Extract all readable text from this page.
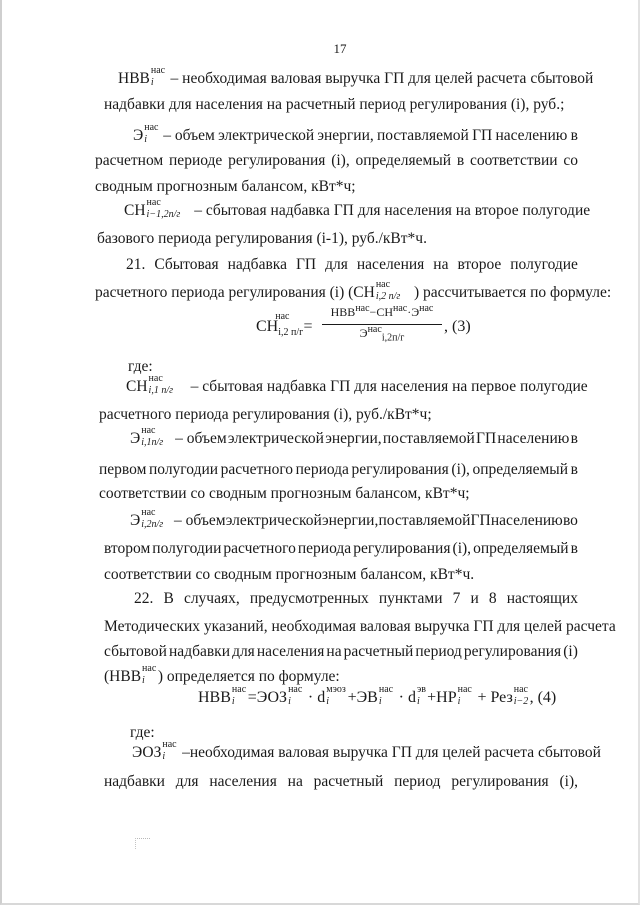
17
НВВ нас
i – необходимая валовая выручка ГП для целей расчета сбытовой
надбавки для населения на расчетный период регулирования (i), руб.;
Э нас
i – объем электрической энергии, поставляемой ГП населению в
расчетном периоде регулирования (i), определяемый в соответствии со
сводным прогнозным балансом, кВт*ч;
СН нас
i−1,2п/г – сбытовая надбавка ГП для населения на второе полугодие
базового периода регулирования (i-1), руб./кВт*ч.
21. Сбытовая надбавка ГП для населения на второе полугодие
расчетного периода регулирования (i) (СН нас
i,2 п/г ) рассчитывается по формуле:
где:
СН нас
i,1 п/г – сбытовая надбавка ГП для населения на первое полугодие
расчетного периода регулирования (i), руб./кВт*ч;
Э нас
i,1п/г – объем электрической энергии, поставляемой ГП населению в
первом полугодии расчетного периода регулирования (i), определяемый в
соответствии со сводным прогнозным балансом, кВт*ч;
Э нас
i,2п/г – объем электрической энергии, поставляемой ГП населению во
втором полугодии расчетного периода регулирования (i), определяемый в
соответствии со сводным прогнозным балансом, кВт*ч.
22. В случаях, предусмотренных пунктами 7 и 8 настоящих
Методических указаний, необходимая валовая выручка ГП для целей расчета
сбытовой надбавки для населения на расчетный период регулирования (i)
(НВВ нас
i ) определяется по формуле:
где:
ЭОЗ нас
i –необходимая валовая выручка ГП для целей расчета сбытовой
надбавки для населения на расчетный период регулирования (i),
$СН_{i,2 п/г}^{нас}$ =
$НВВ^{нас}-СН^{нас}\cdot Э^{нас}$
$Э^{нас}_{i,2п/г}$
, (3)
НВВ нас
i =ЭОЗ нас
i · d мэоз
i +ЭВ нас
i · d эв
i +НР нас
i + Рез нас
i−2 , (4)
